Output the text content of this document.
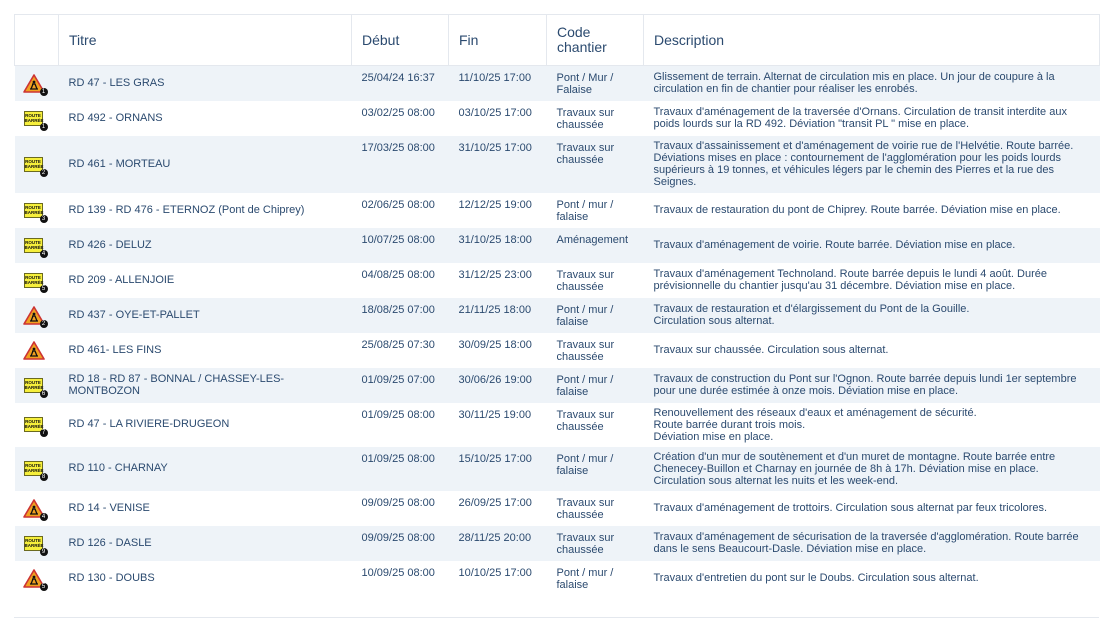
	Titre	Début	Fin	Code chantier	Description

1	RD 47 - LES GRAS	25/04/24 16:37	11/10/25 17:00	Pont / Mur / Falaise	Glissement de terrain. Alternat de circulation mis en place. Un jour de coupure à la circulation en fin de chantier pour réaliser les enrobés.

ROUTE BARRÉE
1	RD 492 - ORNANS	03/02/25 08:00	03/10/25 17:00	Travaux sur chaussée	Travaux d'aménagement de la traversée d'Ornans. Circulation de transit interdite aux poids lourds sur la RD 492. Déviation "transit PL " mise en place.

ROUTE BARRÉE
2	RD 461 - MORTEAU	17/03/25 08:00	31/10/25 17:00	Travaux sur chaussée	Travaux d'assainissement et d'aménagement de voirie rue de l'Helvétie. Route barrée. Déviations mises en place : contournement de l'agglomération pour les poids lourds supérieurs à 19 tonnes, et véhicules légers par le chemin des Pierres et la rue des Seignes.

ROUTE BARRÉE
3	RD 139 - RD 476 - ETERNOZ (Pont de Chiprey)	02/06/25 08:00	12/12/25 19:00	Pont / mur / falaise	Travaux de restauration du pont de Chiprey. Route barrée. Déviation mise en place.

ROUTE BARRÉE
4	RD 426 - DELUZ	10/07/25 08:00	31/10/25 18:00	Aménagement	Travaux d'aménagement de voirie. Route barrée. Déviation mise en place.

ROUTE BARRÉE
5	RD 209 - ALLENJOIE	04/08/25 08:00	31/12/25 23:00	Travaux sur chaussée	Travaux d'aménagement Technoland. Route barrée depuis le lundi 4 août. Durée prévisionnelle du chantier jusqu'au 31 décembre. Déviation mise en place.

2	RD 437 - OYE-ET-PALLET	18/08/25 07:00	21/11/25 18:00	Pont / mur / falaise	Travaux de restauration et d'élargissement du Pont de la Gouille.
Circulation sous alternat.

	RD 461- LES FINS	25/08/25 07:30	30/09/25 18:00	Travaux sur chaussée	Travaux sur chaussée. Circulation sous alternat.

ROUTE BARRÉE
6	RD 18 - RD 87 - BONNAL / CHASSEY-LES-MONTBOZON	01/09/25 07:00	30/06/26 19:00	Pont / mur / falaise	Travaux de construction du Pont sur l'Ognon. Route barrée depuis lundi 1er septembre pour une durée estimée à onze mois. Déviation mise en place.

ROUTE BARRÉE
7	RD 47 - LA RIVIERE-DRUGEON	01/09/25 08:00	30/11/25 19:00	Travaux sur chaussée	Renouvellement des réseaux d'eaux et aménagement de sécurité.
Route barrée durant trois mois.
Déviation mise en place.

ROUTE BARRÉE
8	RD 110 - CHARNAY	01/09/25 08:00	15/10/25 17:00	Pont / mur / falaise	Création d'un mur de soutènement et d'un muret de montagne. Route barrée entre Chenecey-Buillon et Charnay en journée de 8h à 17h. Déviation mise en place. Circulation sous alternat les nuits et les week-end.

4	RD 14 - VENISE	09/09/25 08:00	26/09/25 17:00	Travaux sur chaussée	Travaux d'aménagement de trottoirs. Circulation sous alternat par feux tricolores.

ROUTE BARRÉE
9	RD 126 - DASLE	09/09/25 08:00	28/11/25 20:00	Travaux sur chaussée	Travaux d'aménagement de sécurisation de la traversée d'agglomération. Route barrée dans le sens Beaucourt-Dasle. Déviation mise en place.

5	RD 130 - DOUBS	10/09/25 08:00	10/10/25 17:00	Pont / mur / falaise	Travaux d'entretien du pont sur le Doubs. Circulation sous alternat.
